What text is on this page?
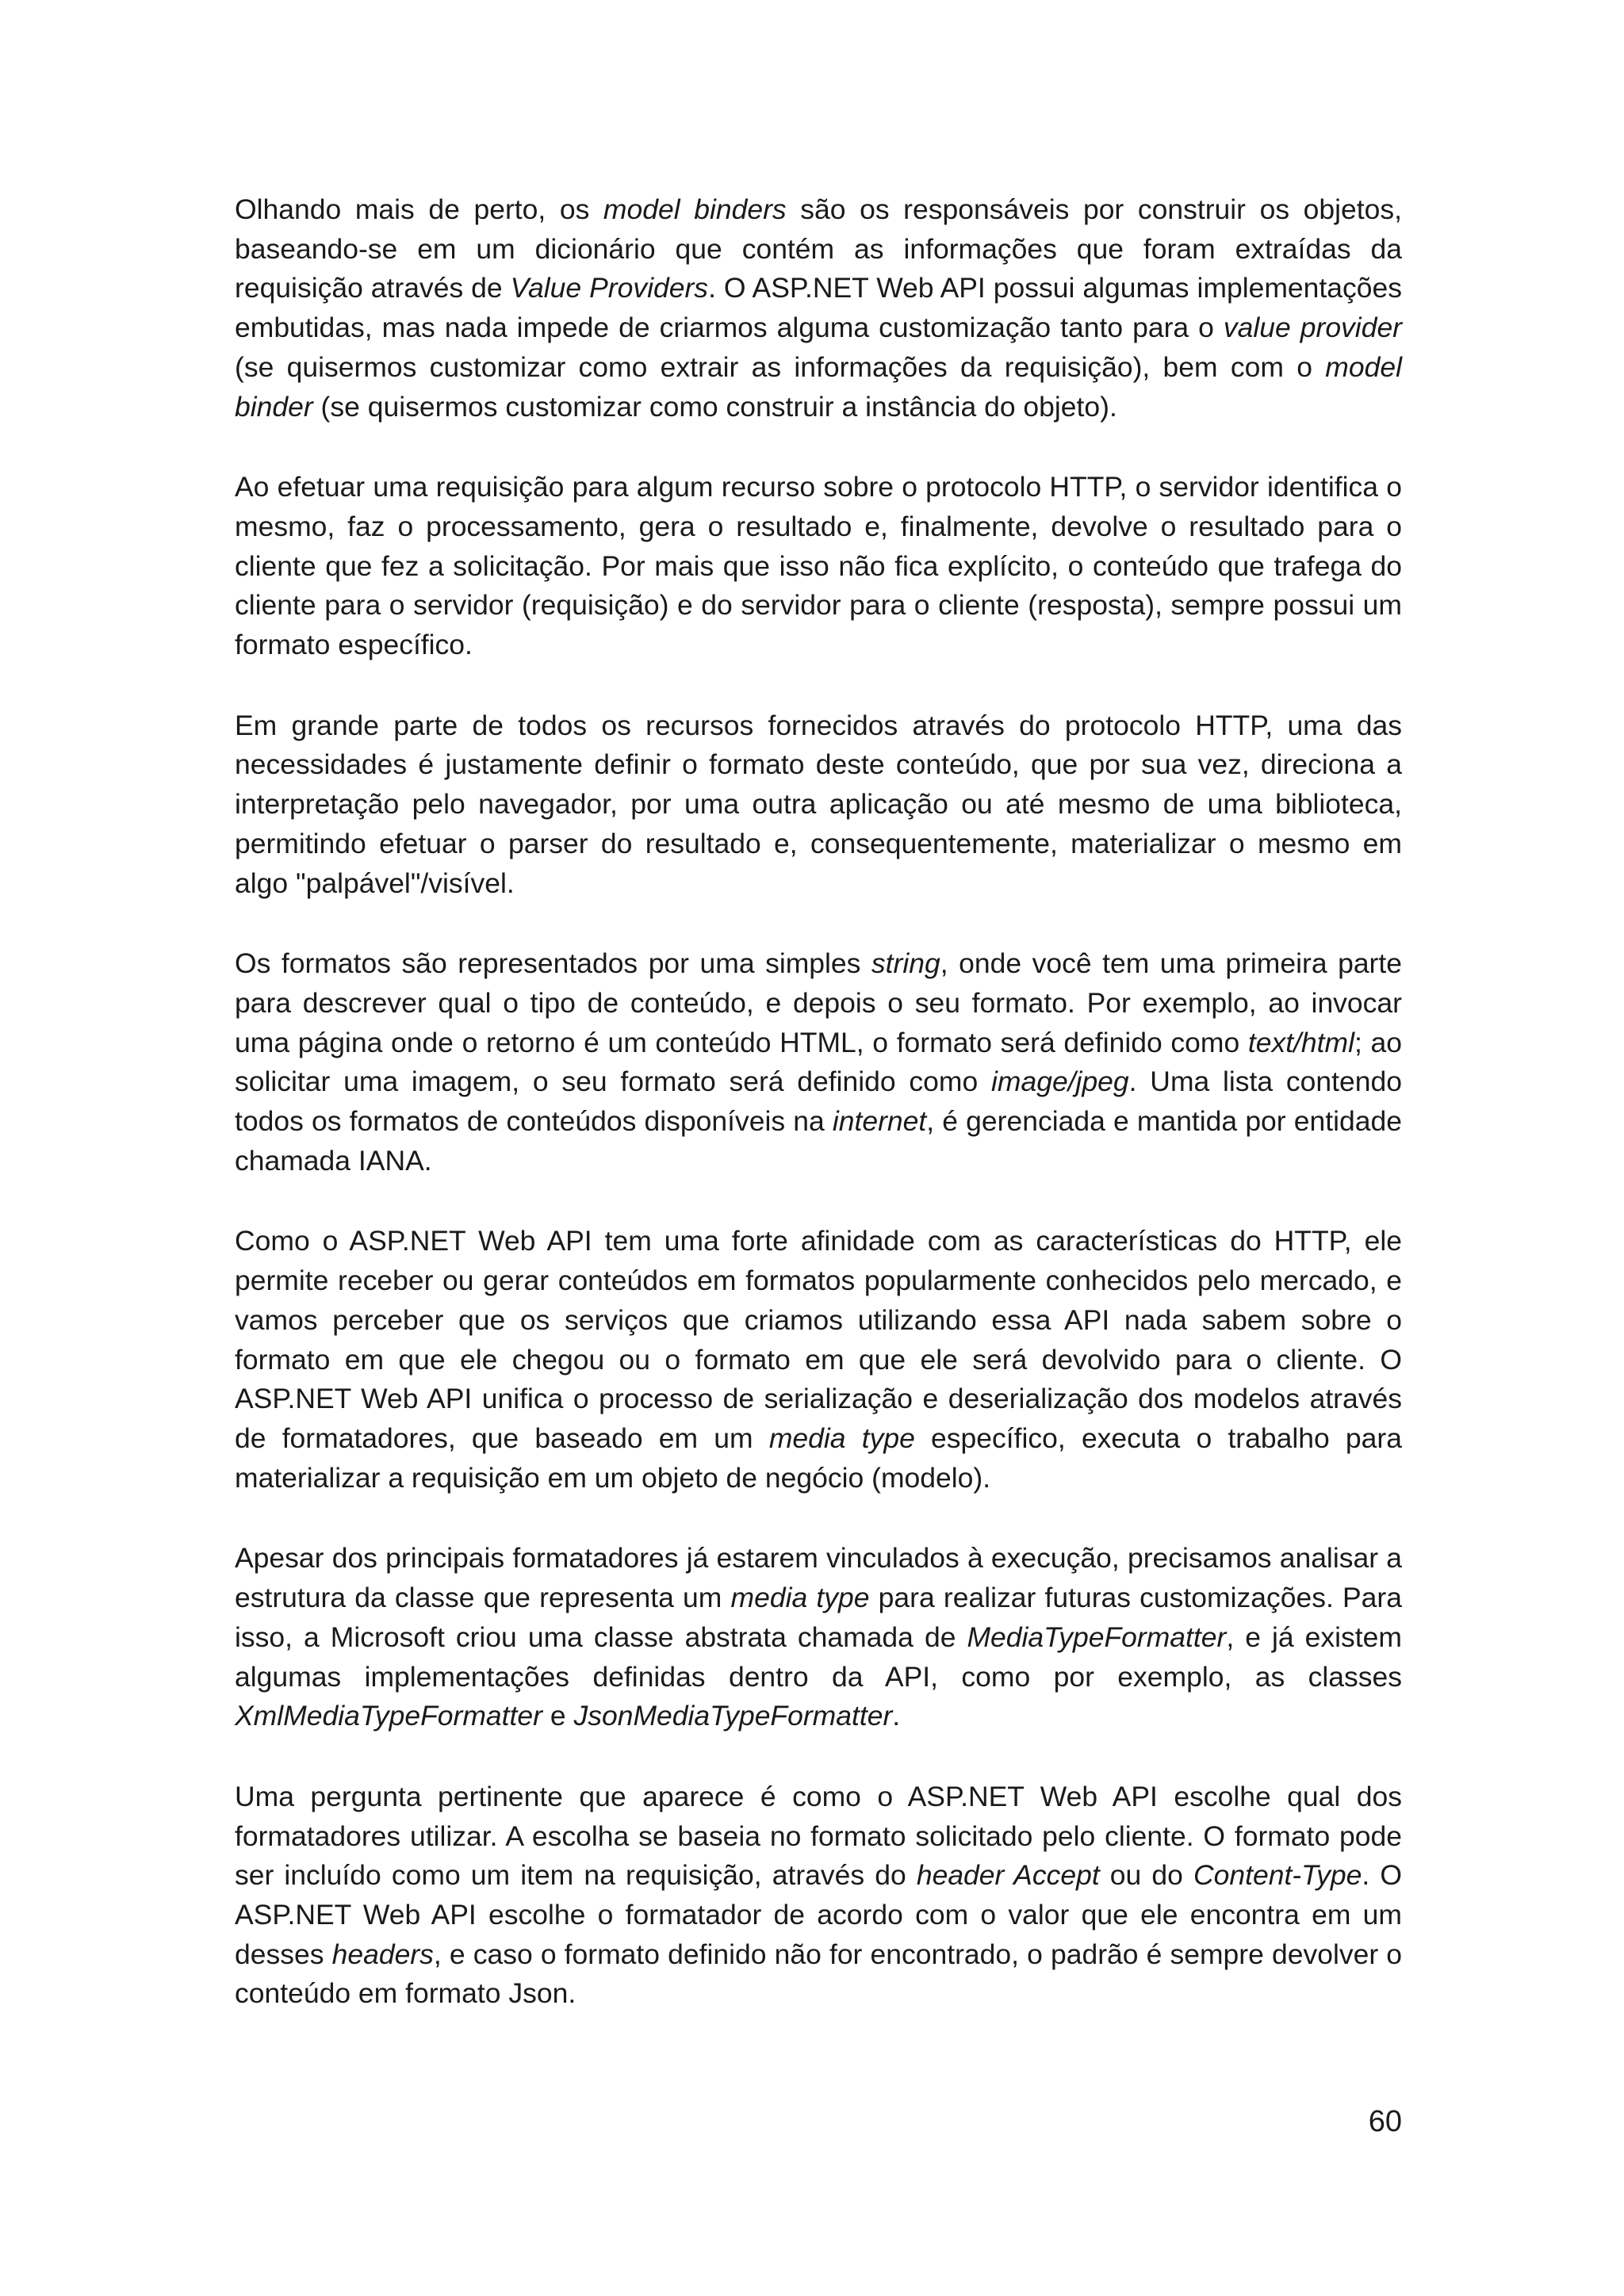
Olhando mais de perto, os model binders são os responsáveis por construir os objetos, baseando-se em um dicionário que contém as informações que foram extraídas da requisição através de Value Providers. O ASP.NET Web API possui algumas implementações embutidas, mas nada impede de criarmos alguma customização tanto para o value provider (se quisermos customizar como extrair as informações da requisição), bem com o model binder (se quisermos customizar como construir a instância do objeto).

Ao efetuar uma requisição para algum recurso sobre o protocolo HTTP, o servidor identifica o mesmo, faz o processamento, gera o resultado e, finalmente, devolve o resultado para o cliente que fez a solicitação. Por mais que isso não fica explícito, o conteúdo que trafega do cliente para o servidor (requisição) e do servidor para o cliente (resposta), sempre possui um formato específico.

Em grande parte de todos os recursos fornecidos através do protocolo HTTP, uma das necessidades é justamente definir o formato deste conteúdo, que por sua vez, direciona a interpretação pelo navegador, por uma outra aplicação ou até mesmo de uma biblioteca, permitindo efetuar o parser do resultado e, consequentemente, materializar o mesmo em algo "palpável"/visível.

Os formatos são representados por uma simples string, onde você tem uma primeira parte para descrever qual o tipo de conteúdo, e depois o seu formato. Por exemplo, ao invocar uma página onde o retorno é um conteúdo HTML, o formato será definido como text/html; ao solicitar uma imagem, o seu formato será definido como image/jpeg. Uma lista contendo todos os formatos de conteúdos disponíveis na internet, é gerenciada e mantida por entidade chamada IANA.

Como o ASP.NET Web API tem uma forte afinidade com as características do HTTP, ele permite receber ou gerar conteúdos em formatos popularmente conhecidos pelo mercado, e vamos perceber que os serviços que criamos utilizando essa API nada sabem sobre o formato em que ele chegou ou o formato em que ele será devolvido para o cliente. O ASP.NET Web API unifica o processo de serialização e deserialização dos modelos através de formatadores, que baseado em um media type específico, executa o trabalho para materializar a requisição em um objeto de negócio (modelo).

Apesar dos principais formatadores já estarem vinculados à execução, precisamos analisar a estrutura da classe que representa um media type para realizar futuras customizações. Para isso, a Microsoft criou uma classe abstrata chamada de MediaTypeFormatter, e já existem algumas implementações definidas dentro da API, como por exemplo, as classes XmlMediaTypeFormatter e JsonMediaTypeFormatter.

Uma pergunta pertinente que aparece é como o ASP.NET Web API escolhe qual dos formatadores utilizar. A escolha se baseia no formato solicitado pelo cliente. O formato pode ser incluído como um item na requisição, através do header Accept ou do Content-Type. O ASP.NET Web API escolhe o formatador de acordo com o valor que ele encontra em um desses headers, e caso o formato definido não for encontrado, o padrão é sempre devolver o conteúdo em formato Json.

60
